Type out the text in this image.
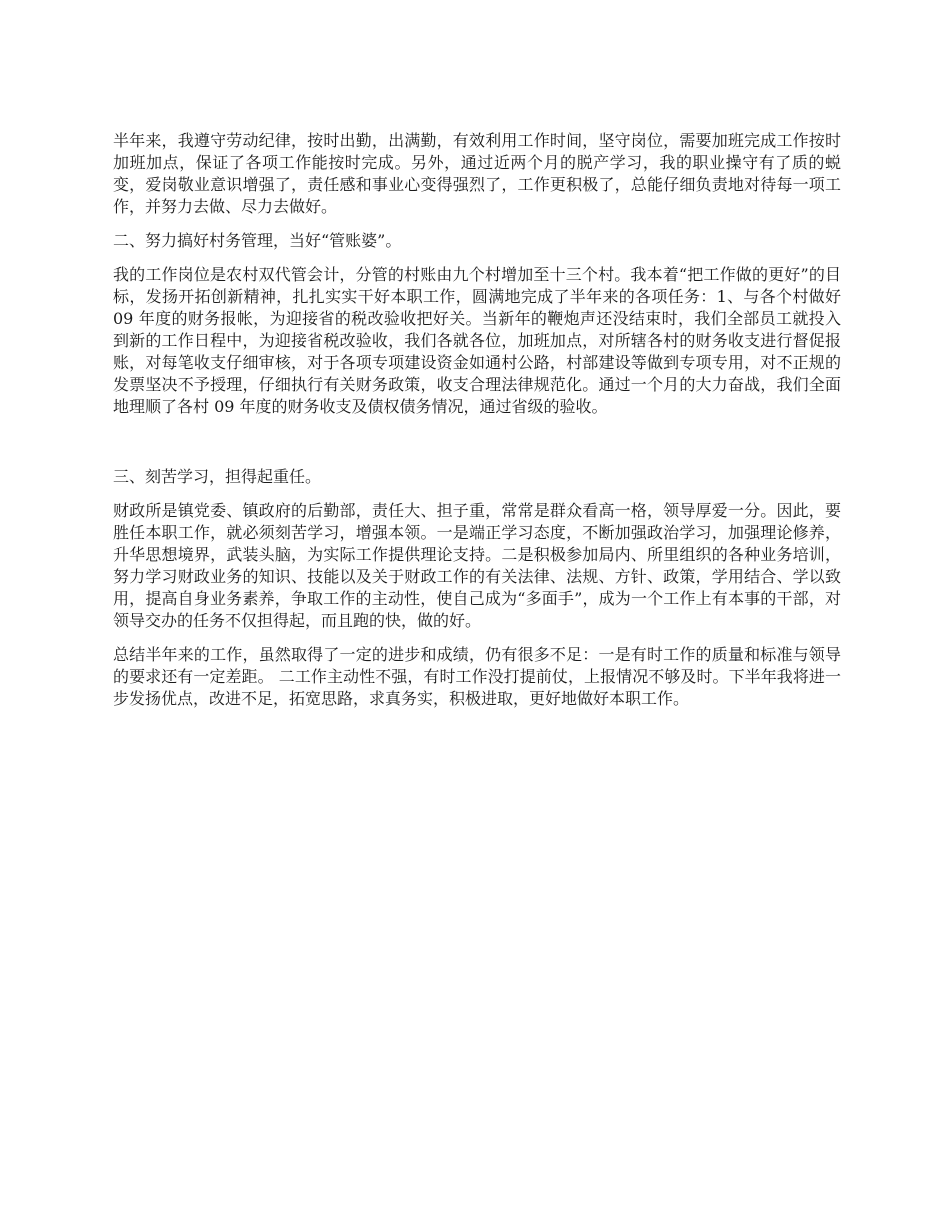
半年来，我遵守劳动纪律，按时出勤，出满勤，有效利用工作时间，坚守岗位，需要加班完成工作按时加班加点，保证了各项工作能按时完成。另外，通过近两个月的脱产学习，我的职业操守有了质的蜕变，爱岗敬业意识增强了，责任感和事业心变得强烈了，工作更积极了，总能仔细负责地对待每一项工作，并努力去做、尽力去做好。

二、努力搞好村务管理，当好“管账婆”。

我的工作岗位是农村双代管会计，分管的村账由九个村增加至十三个村。我本着“把工作做的更好”的目标，发扬开拓创新精神，扎扎实实干好本职工作，圆满地完成了半年来的各项任务：1、与各个村做好 09 年度的财务报帐，为迎接省的税改验收把好关。当新年的鞭炮声还没结束时，我们全部员工就投入到新的工作日程中，为迎接省税改验收，我们各就各位，加班加点，对所辖各村的财务收支进行督促报账，对每笔收支仔细审核，对于各项专项建设资金如通村公路，村部建设等做到专项专用，对不正规的发票坚决不予授理，仔细执行有关财务政策，收支合理法律规范化。通过一个月的大力奋战，我们全面地理顺了各村 09 年度的财务收支及债权债务情况，通过省级的验收。

三、刻苦学习，担得起重任。

财政所是镇党委、镇政府的后勤部，责任大、担子重，常常是群众看高一格，领导厚爱一分。因此，要胜任本职工作，就必须刻苦学习，增强本领。一是端正学习态度，不断加强政治学习，加强理论修养，升华思想境界，武装头脑，为实际工作提供理论支持。二是积极参加局内、所里组织的各种业务培训，努力学习财政业务的知识、技能以及关于财政工作的有关法律、法规、方针、政策，学用结合、学以致用，提高自身业务素养，争取工作的主动性，使自己成为“多面手”，成为一个工作上有本事的干部，对领导交办的任务不仅担得起，而且跑的快，做的好。

总结半年来的工作，虽然取得了一定的进步和成绩，仍有很多不足：一是有时工作的质量和标准与领导的要求还有一定差距。 二工作主动性不强，有时工作没打提前仗，上报情况不够及时。下半年我将进一步发扬优点，改进不足，拓宽思路，求真务实，积极进取，更好地做好本职工作。
